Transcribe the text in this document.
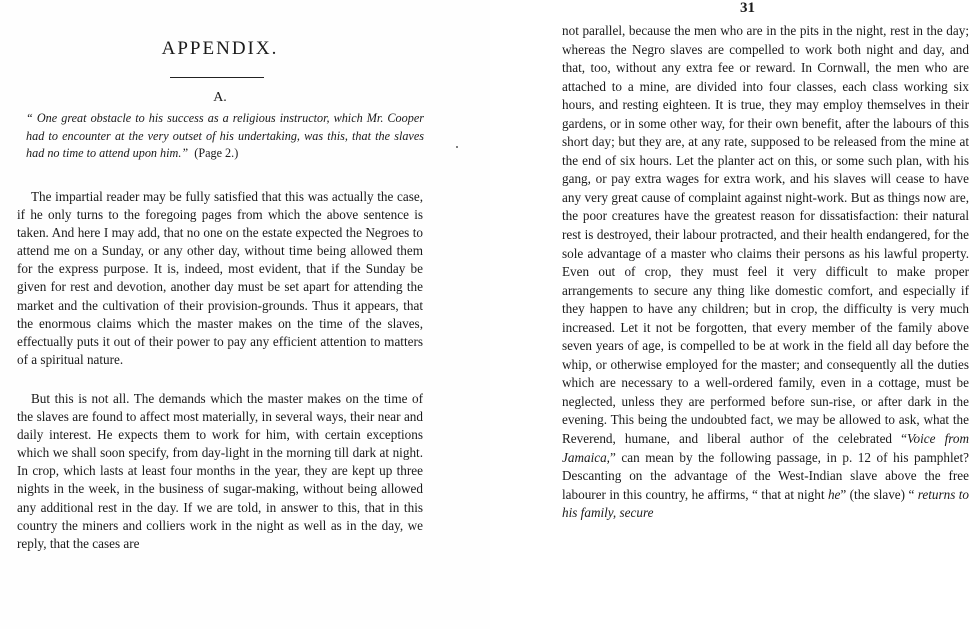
APPENDIX.
A.

“ One great obstacle to his success as a religious instructor, which Mr. Cooper had to encounter at the very outset of his undertaking, was this, that the slaves had no time to attend upon him.” (Page 2.)

The impartial reader may be fully satisfied that this was actually the case, if he only turns to the foregoing pages from which the above sentence is taken. And here I may add, that no one on the estate expected the Negroes to attend me on a Sunday, or any other day, without time being allowed them for the express purpose. It is, indeed, most evident, that if the Sunday be given for rest and devotion, another day must be set apart for attending the market and the cultivation of their provision-grounds. Thus it appears, that the enormous claims which the master makes on the time of the slaves, effectually puts it out of their power to pay any efficient attention to matters of a spiritual nature.

But this is not all. The demands which the master makes on the time of the slaves are found to affect most materially, in several ways, their near and daily interest. He expects them to work for him, with certain exceptions which we shall soon specify, from day-light in the morning till dark at night. In crop, which lasts at least four months in the year, they are kept up three nights in the week, in the business of sugar-making, without being allowed any additional rest in the day. If we are told, in answer to this, that in this country the miners and colliers work in the night as well as in the day, we reply, that the cases are

31

not parallel, because the men who are in the pits in the night, rest in the day; whereas the Negro slaves are compelled to work both night and day, and that, too, without any extra fee or reward. In Cornwall, the men who are attached to a mine, are divided into four classes, each class working six hours, and resting eighteen. It is true, they may employ themselves in their gardens, or in some other way, for their own benefit, after the labours of this short day; but they are, at any rate, supposed to be released from the mine at the end of six hours. Let the planter act on this, or some such plan, with his gang, or pay extra wages for extra work, and his slaves will cease to have any very great cause of complaint against night-work. But as things now are, the poor creatures have the greatest reason for dissatisfaction: their natural rest is destroyed, their labour protracted, and their health endangered, for the sole advantage of a master who claims their persons as his lawful property. Even out of crop, they must feel it very difficult to make proper arrangements to secure any thing like domestic comfort, and especially if they happen to have any children; but in crop, the difficulty is very much increased. Let it not be forgotten, that every member of the family above seven years of age, is compelled to be at work in the field all day before the whip, or otherwise employed for the master; and consequently all the duties which are necessary to a well-ordered family, even in a cottage, must be neglected, unless they are performed before sun-rise, or after dark in the evening. This being the undoubted fact, we may be allowed to ask, what the Reverend, humane, and liberal author of the celebrated “Voice from Jamaica,” can mean by the following passage, in p. 12 of his pamphlet? Descanting on the advantage of the West-Indian slave above the free labourer in this country, he affirms, “ that at night he” (the slave) “ returns to his family, secure
